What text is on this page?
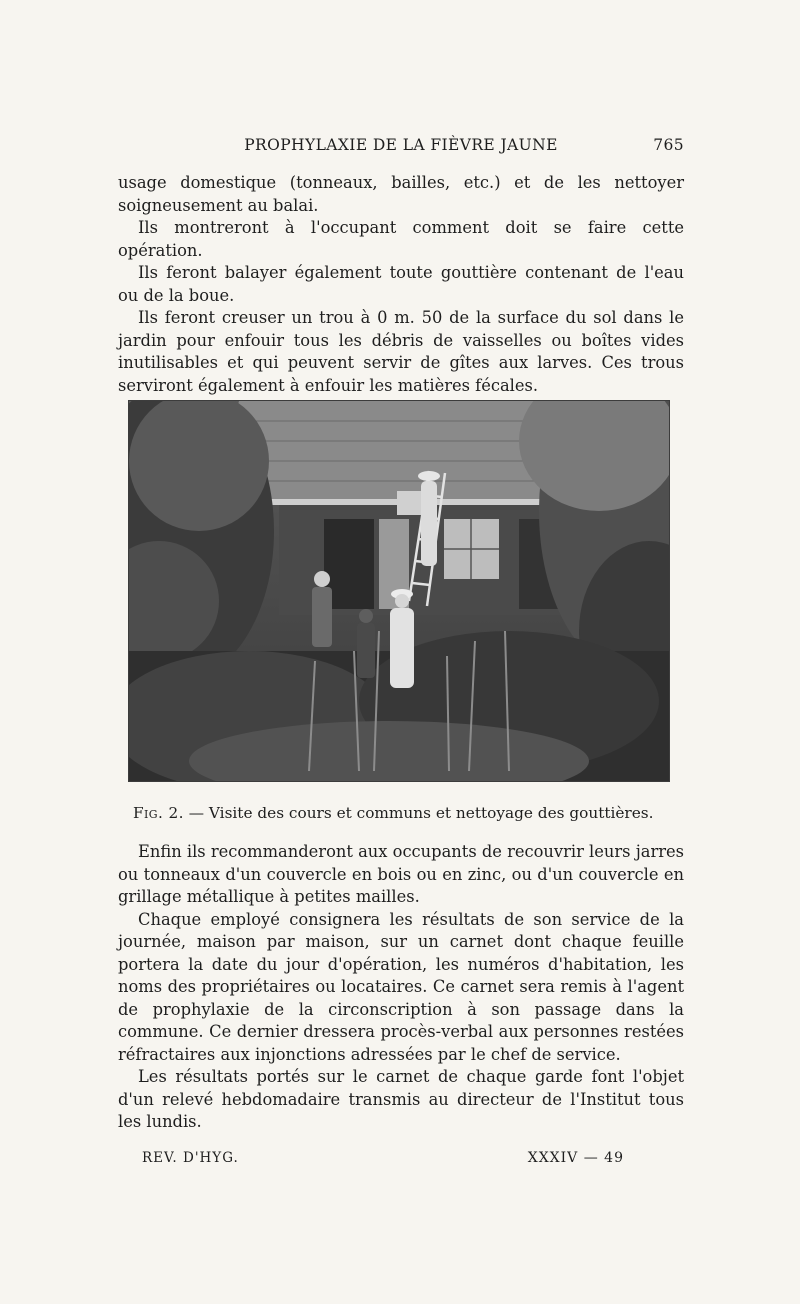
PROPHYLAXIE DE LA FIÈVRE JAUNE	765

usage domestique (tonneaux, bailles, etc.) et de les nettoyer soigneusement au balai.

Ils montreront à l'occupant comment doit se faire cette opération.

Ils feront balayer également toute gouttière contenant de l'eau ou de la boue.

Ils feront creuser un trou à 0 m. 50 de la surface du sol dans le jardin pour enfouir tous les débris de vaisselles ou boîtes vides inutilisables et qui peuvent servir de gîtes aux larves. Ces trous serviront également à enfouir les matières fécales.

Fig. 2. — Visite des cours et communs et nettoyage des gouttières.

Enfin ils recommanderont aux occupants de recouvrir leurs jarres ou tonneaux d'un couvercle en bois ou en zinc, ou d'un couvercle en grillage métallique à petites mailles.

Chaque employé consignera les résultats de son service de la journée, maison par maison, sur un carnet dont chaque feuille portera la date du jour d'opération, les numéros d'habitation, les noms des propriétaires ou locataires. Ce carnet sera remis à l'agent de prophylaxie de la circonscription à son passage dans la commune. Ce dernier dressera procès-verbal aux personnes restées réfractaires aux injonctions adressées par le chef de service.

Les résultats portés sur le carnet de chaque garde font l'objet d'un relevé hebdomadaire transmis au directeur de l'Institut tous les lundis.

REV. D'HYG.	XXXIV — 49
